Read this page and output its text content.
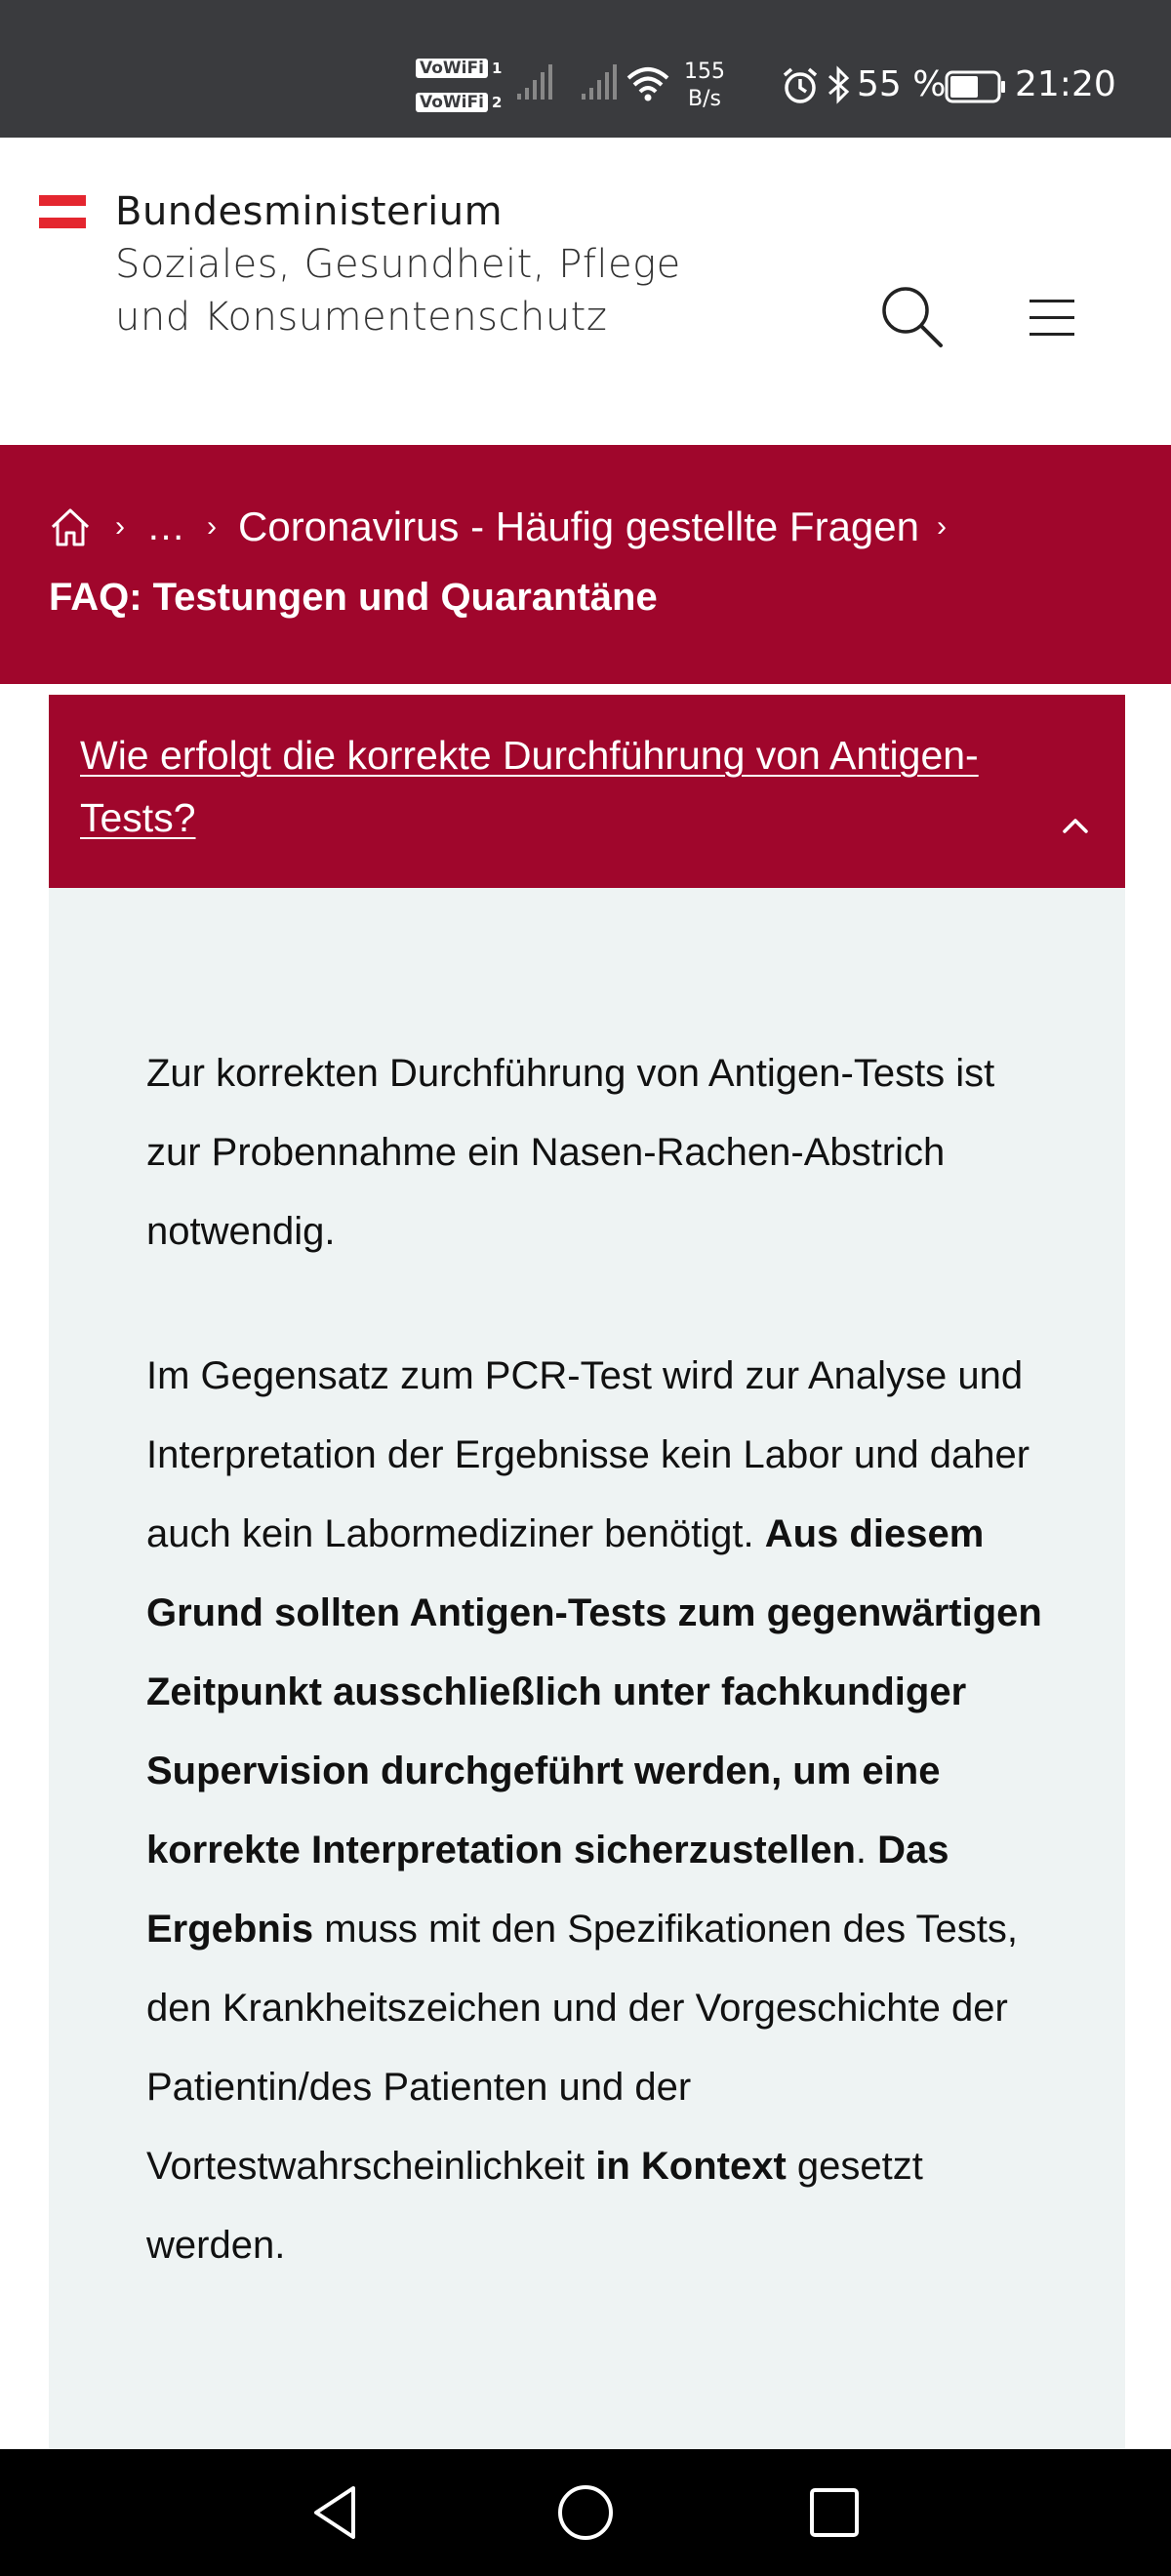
VoWiFi 1
VoWiFi 2
155
B/s	55 % 21:20
Bundesministerium
Soziales, Gesundheit, Pflege
und Konsumentenschutz
› … › Coronavirus - Häufig gestellte Fragen ›
FAQ: Testungen und Quarantäne
Wie erfolgt die korrekte Durchführung von Antigen-Tests?
Zur korrekten Durchführung von Antigen-Tests ist zur Probennahme ein Nasen-Rachen-Abstrich notwendig.
Im Gegensatz zum PCR-Test wird zur Analyse und Interpretation der Ergebnisse kein Labor und daher auch kein Labormediziner benötigt. Aus diesem Grund sollten Antigen-Tests zum gegenwärtigen Zeitpunkt ausschließlich unter fachkundiger Supervision durchgeführt werden, um eine korrekte Interpretation sicherzustellen. Das Ergebnis muss mit den Spezifikationen des Tests, den Krankheitszeichen und der Vorgeschichte der Patientin/des Patienten und der Vortestwahrscheinlichkeit in Kontext gesetzt werden.
